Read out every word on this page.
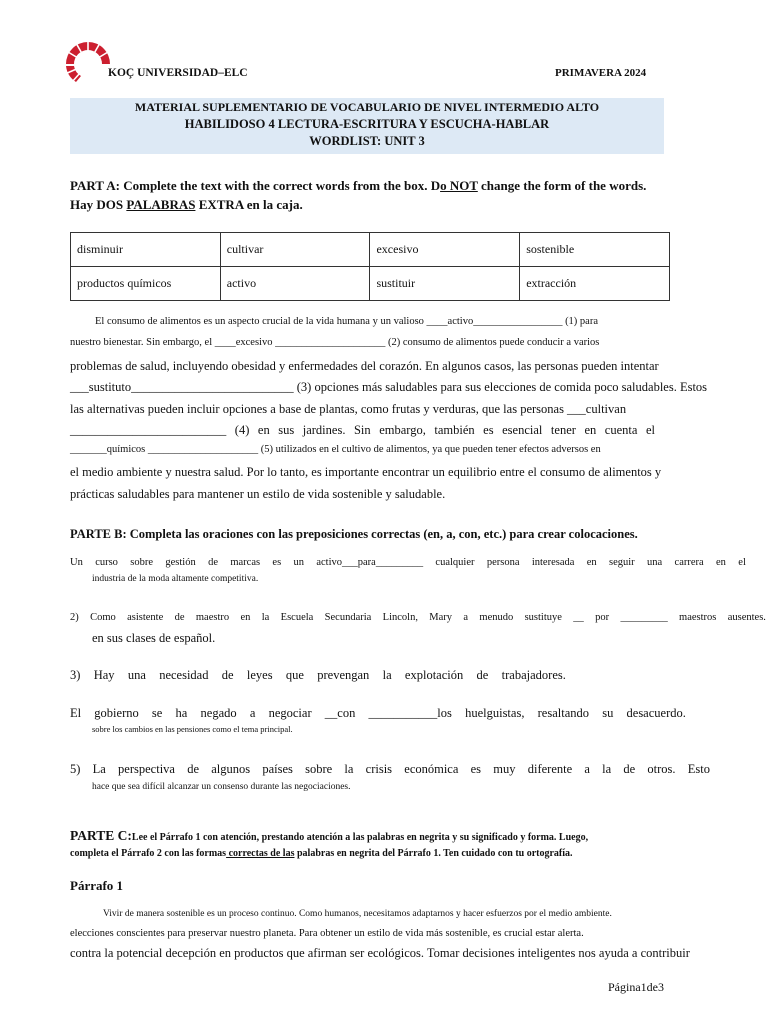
KOÇ UNIVERSIDAD–ELC	PRIMAVERA 2024
MATERIAL SUPLEMENTARIO DE VOCABULARIO DE NIVEL INTERMEDIO ALTO
HABILIDOSO 4 LECTURA-ESCRITURA Y ESCUCHA-HABLAR
WORDLIST: UNIT 3
PART A: Complete the text with the correct words from the box. Do NOT change the form of the words.
Hay DOS PALABRAS EXTRA en la caja.
disminuir	cultivar	excesivo	sostenible
productos químicos	activo	sustituir	extracción
El consumo de alimentos es un aspecto crucial de la vida humana y un valioso ____activo_________________ (1) para
nuestro bienestar. Sin embargo, el ____excesivo _____________________ (2) consumo de alimentos puede conducir a varios
problemas de salud, incluyendo obesidad y enfermedades del corazón. En algunos casos, las personas pueden intentar
___sustituto__________________________ (3) opciones más saludables para sus elecciones de comida poco saludables. Estos
las alternativas pueden incluir opciones a base de plantas, como frutas y verduras, que las personas ___cultivan
_________________________ (4) en sus jardines. Sin embargo, también es esencial tener en cuenta el
_______químicos _____________________ (5) utilizados en el cultivo de alimentos, ya que pueden tener efectos adversos en
el medio ambiente y nuestra salud. Por lo tanto, es importante encontrar un equilibrio entre el consumo de alimentos y
prácticas saludables para mantener un estilo de vida sostenible y saludable.
PARTE B: Completa las oraciones con las preposiciones correctas (en, a, con, etc.) para crear colocaciones.
Un curso sobre gestión de marcas es un activo___para_________ cualquier persona interesada en seguir una carrera en el
industria de la moda altamente competitiva.
2) Como asistente de maestro en la Escuela Secundaria Lincoln, Mary a menudo sustituye __ por _________ maestros ausentes.
en sus clases de español.
3) Hay una necesidad de leyes que prevengan la explotación de trabajadores.
El gobierno se ha negado a negociar __con ___________los huelguistas, resaltando su desacuerdo.
sobre los cambios en las pensiones como el tema principal.
5) La perspectiva de algunos países sobre la crisis económica es muy diferente a la de otros. Esto
hace que sea difícil alcanzar un consenso durante las negociaciones.
PARTE C:Lee el Párrafo 1 con atención, prestando atención a las palabras en negrita y su significado y forma. Luego,
completa el Párrafo 2 con las formas correctas de las palabras en negrita del Párrafo 1. Ten cuidado con tu ortografía.
Párrafo 1
Vivir de manera sostenible es un proceso continuo. Como humanos, necesitamos adaptarnos y hacer esfuerzos por el medio ambiente.
elecciones conscientes para preservar nuestro planeta. Para obtener un estilo de vida más sostenible, es crucial estar alerta.
contra la potencial decepción en productos que afirman ser ecológicos. Tomar decisiones inteligentes nos ayuda a contribuir
Página1de3
